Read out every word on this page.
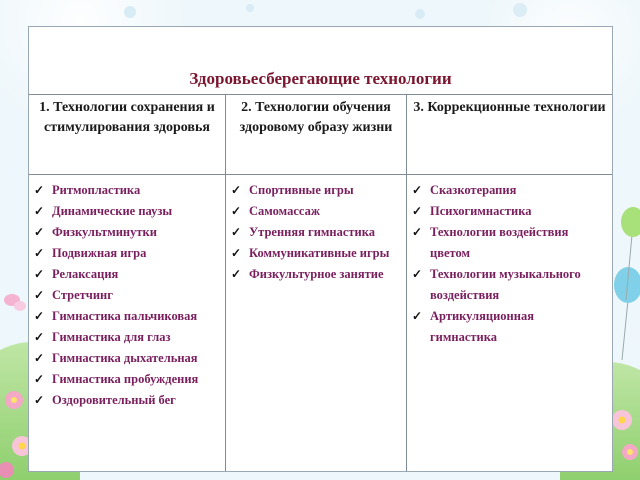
Здоровьесберегающие технологии
1. Технологии сохранения и стимулирования здоровья
2. Технологии обучения здоровому образу жизни
3. Коррекционные технологии
✓ Ритмопластика
✓ Динамические паузы
✓ Физкультминутки
✓ Подвижная игра
✓ Релаксация
✓ Стретчинг
✓ Гимнастика пальчиковая
✓ Гимнастика для глаз
✓ Гимнастика дыхательная
✓ Гимнастика пробуждения
✓ Оздоровительный бег
✓ Спортивные игры
✓ Самомассаж
✓ Утренняя гимнастика
✓ Коммуникативные игры
✓ Физкультурное занятие
✓ Сказкотерапия
✓ Психогимнастика
✓ Технологии воздействия цветом
✓ Технологии музыкального воздействия
✓ Артикуляционная гимнастика
